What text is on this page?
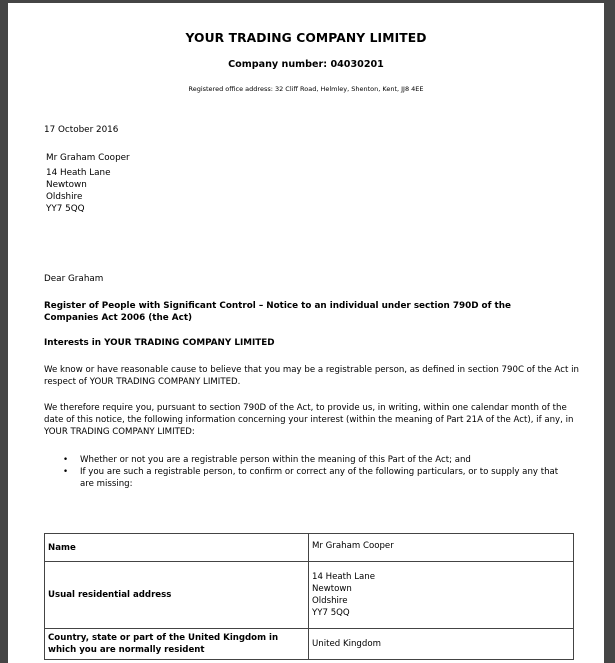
YOUR TRADING COMPANY LIMITED
Company number: 04030201
Registered office address: 32 Cliff Road, Helmley, Shenton, Kent, JJ8 4EE
17 October 2016
Mr Graham Cooper
14 Heath Lane
Newtown
Oldshire
YY7 5QQ
Dear Graham
Register of People with Significant Control – Notice to an individual under section 790D of the
Companies Act 2006 (the Act)
Interests in YOUR TRADING COMPANY LIMITED
We know or have reasonable cause to believe that you may be a registrable person, as defined in section 790C of the Act in respect of YOUR TRADING COMPANY LIMITED.
We therefore require you, pursuant to section 790D of the Act, to provide us, in writing, within one calendar month of the date of this notice, the following information concerning your interest (within the meaning of Part 21A of the Act), if any, in YOUR TRADING COMPANY LIMITED:
• Whether or not you are a registrable person within the meaning of this Part of the Act; and
• If you are such a registrable person, to confirm or correct any of the following particulars, or to supply any that are missing:
Name	Mr Graham Cooper

Usual residential address	14 Heath Lane
Newtown
Oldshire
YY7 5QQ

Country, state or part of the United Kingdom in which you are normally resident	United Kingdom
